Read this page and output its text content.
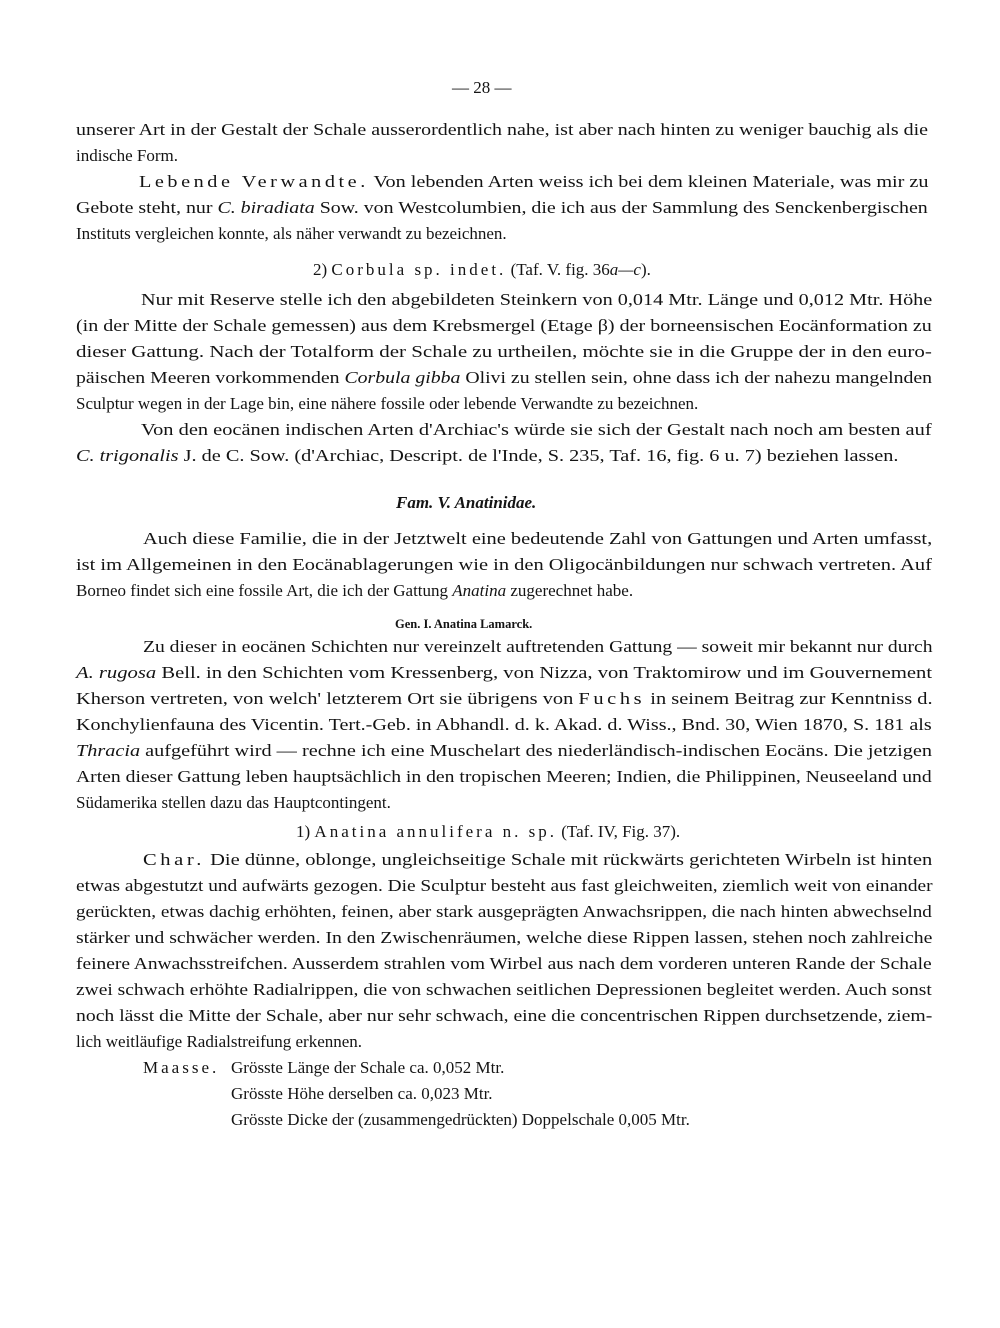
— 28 —
unserer Art in der Gestalt der Schale ausserordentlich nahe, ist aber nach hinten zu weniger bauchig als die
indische Form.
Lebende Verwandte. Von lebenden Arten weiss ich bei dem kleinen Materiale, was mir zu
Gebote steht, nur C. biradiata Sow. von Westcolumbien, die ich aus der Sammlung des Senckenbergischen
Instituts vergleichen konnte, als näher verwandt zu bezeichnen.
2) Corbula sp. indet. (Taf. V. fig. 36a—c).
Nur mit Reserve stelle ich den abgebildeten Steinkern von 0,014 Mtr. Länge und 0,012 Mtr. Höhe
(in der Mitte der Schale gemessen) aus dem Krebsmergel (Etage β) der borneensischen Eocänformation zu
dieser Gattung. Nach der Totalform der Schale zu urtheilen, möchte sie in die Gruppe der in den euro-
päischen Meeren vorkommenden Corbula gibba Olivi zu stellen sein, ohne dass ich der nahezu mangelnden
Sculptur wegen in der Lage bin, eine nähere fossile oder lebende Verwandte zu bezeichnen.
Von den eocänen indischen Arten d'Archiac's würde sie sich der Gestalt nach noch am besten auf
C. trigonalis J. de C. Sow. (d'Archiac, Descript. de l'Inde, S. 235, Taf. 16, fig. 6 u. 7) beziehen lassen.
Fam. V. Anatinidae.
Auch diese Familie, die in der Jetztwelt eine bedeutende Zahl von Gattungen und Arten umfasst,
ist im Allgemeinen in den Eocänablagerungen wie in den Oligocänbildungen nur schwach vertreten. Auf
Borneo findet sich eine fossile Art, die ich der Gattung Anatina zugerechnet habe.
Gen. I. Anatina Lamarck.
Zu dieser in eocänen Schichten nur vereinzelt auftretenden Gattung — soweit mir bekannt nur durch
A. rugosa Bell. in den Schichten vom Kressenberg, von Nizza, von Traktomirow und im Gouvernement
Kherson vertreten, von welch' letzterem Ort sie übrigens von Fuchs in seinem Beitrag zur Kenntniss d.
Konchylienfauna des Vicentin. Tert.-Geb. in Abhandl. d. k. Akad. d. Wiss., Bnd. 30, Wien 1870, S. 181 als
Thracia aufgeführt wird — rechne ich eine Muschelart des niederländisch-indischen Eocäns. Die jetzigen
Arten dieser Gattung leben hauptsächlich in den tropischen Meeren; Indien, die Philippinen, Neuseeland und
Südamerika stellen dazu das Hauptcontingent.
1) Anatina annulifera n. sp. (Taf. IV, Fig. 37).
Char. Die dünne, oblonge, ungleichseitige Schale mit rückwärts gerichteten Wirbeln ist hinten
etwas abgestutzt und aufwärts gezogen. Die Sculptur besteht aus fast gleichweiten, ziemlich weit von einander
gerückten, etwas dachig erhöhten, feinen, aber stark ausgeprägten Anwachsrippen, die nach hinten abwechselnd
stärker und schwächer werden. In den Zwischenräumen, welche diese Rippen lassen, stehen noch zahlreiche
feinere Anwachsstreifchen. Ausserdem strahlen vom Wirbel aus nach dem vorderen unteren Rande der Schale
zwei schwach erhöhte Radialrippen, die von schwachen seitlichen Depressionen begleitet werden. Auch sonst
noch lässt die Mitte der Schale, aber nur sehr schwach, eine die concentrischen Rippen durchsetzende, ziem-
lich weitläufige Radialstreifung erkennen.
Maasse. Grösste Länge der Schale ca. 0,052 Mtr.
Grösste Höhe derselben ca. 0,023 Mtr.
Grösste Dicke der (zusammengedrückten) Doppelschale 0,005 Mtr.
